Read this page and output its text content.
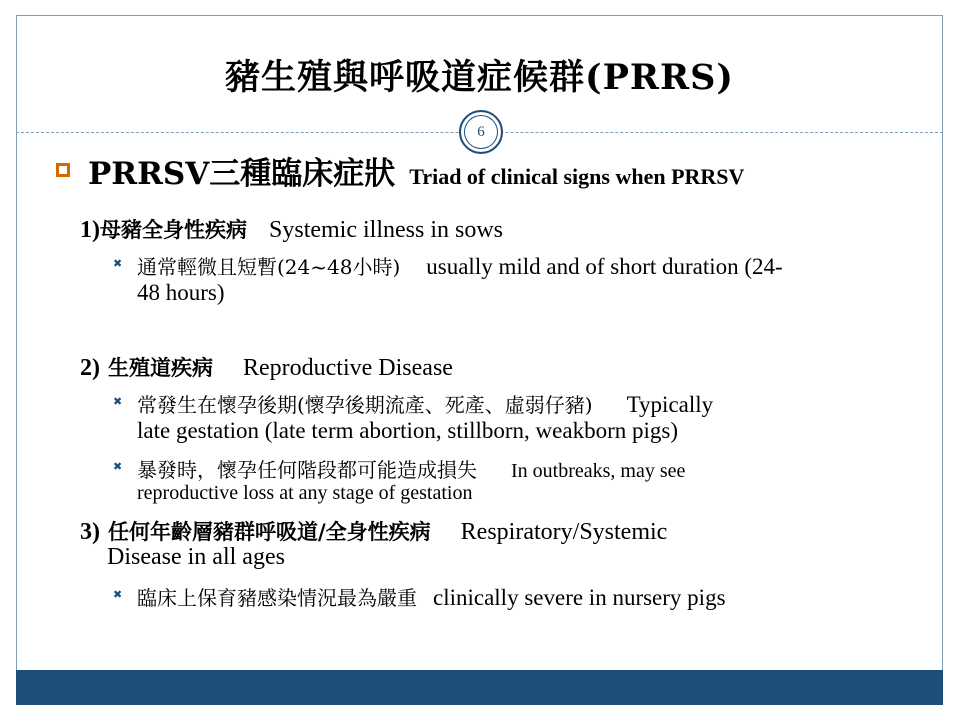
豬生殖與呼吸道症候群(PRRS)
6
PRRSV三種臨床症狀 Triad of clinical signs when PRRSV
1)母豬全身性疾病 Systemic illness in sows
✖ 通常輕微且短暫(24~48小時) usually mild and of short duration (24-
48 hours)
2) 生殖道疾病 Reproductive Disease
✖ 常發生在懷孕後期(懷孕後期流產、死產、虛弱仔豬) Typically
late gestation (late term abortion, stillborn, weakborn pigs)
✖ 暴發時，懷孕任何階段都可能造成損失 In outbreaks, may see
reproductive loss at any stage of gestation
3) 任何年齡層豬群呼吸道/全身性疾病 Respiratory/Systemic
Disease in all ages
✖ 臨床上保育豬感染情況最為嚴重 clinically severe in nursery pigs
